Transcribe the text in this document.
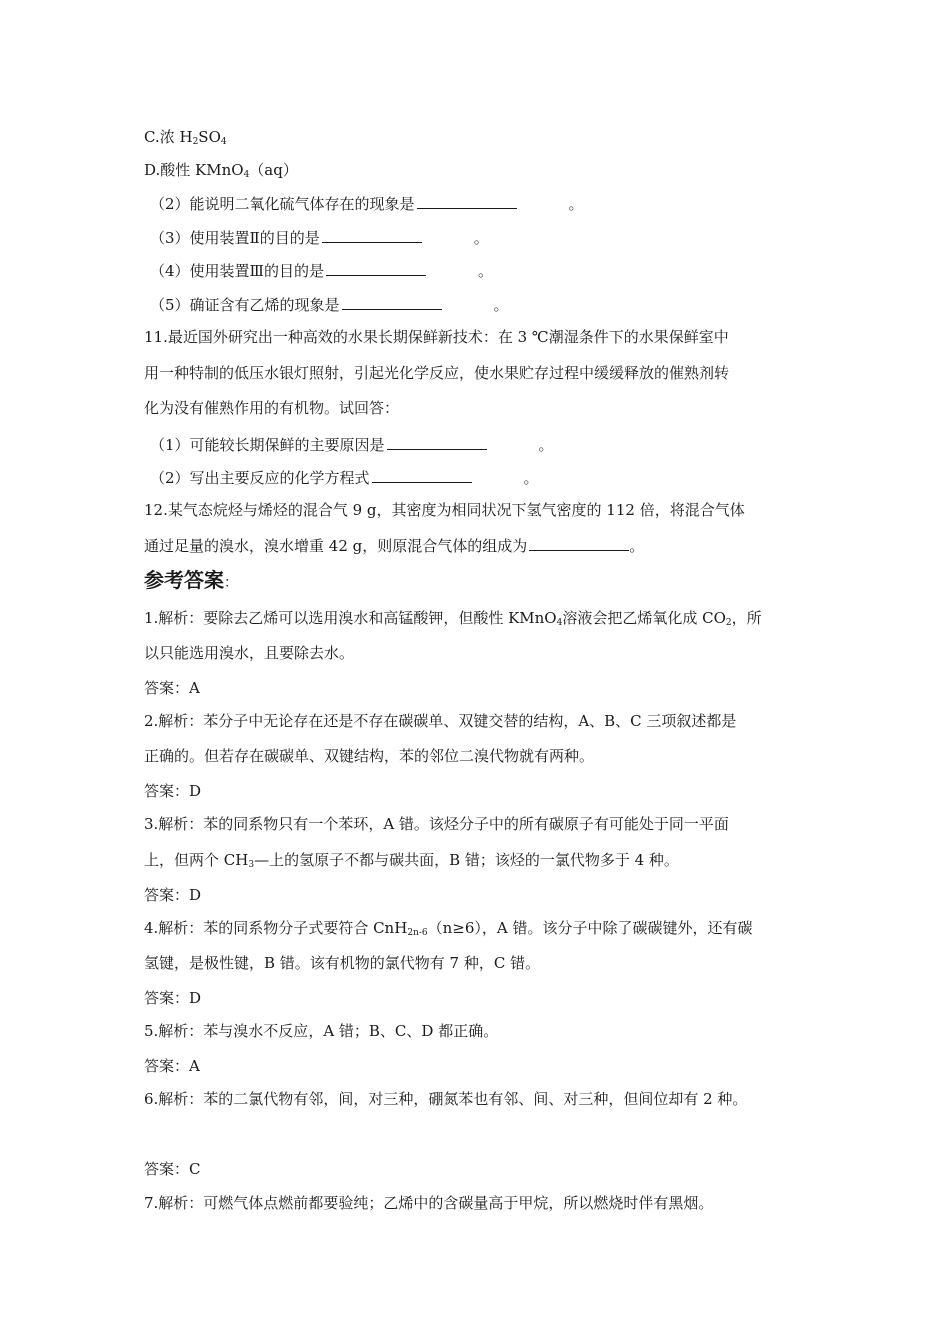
C.浓 $H_2SO_4$
D.酸性 KMnO$_4$（aq）
（2）能说明二氧化硫气体存在的现象是	。
（3）使用装置Ⅱ的目的是	。
（4）使用装置Ⅲ的目的是	。
（5）确证含有乙烯的现象是	。
11.最近国外研究出一种高效的水果长期保鲜新技术：在 3 ℃潮湿条件下的水果保鲜室中
用一种特制的低压水银灯照射，引起光化学反应，使水果贮存过程中缓缓释放的催熟剂转
化为没有催熟作用的有机物。试回答：
（1）可能较长期保鲜的主要原因是	。
（2）写出主要反应的化学方程式	。
12.某气态烷烃与烯烃的混合气 9 g，其密度为相同状况下氢气密度的 112 倍，将混合气体
通过足量的溴水，溴水增重 42 g，则原混合气体的组成为	。
参考答案：
1.解析：要除去乙烯可以选用溴水和高锰酸钾，但酸性 KMnO$_4$溶液会把乙烯氧化成 $CO_2$，所
以只能选用溴水，且要除去水。
答案：A
2.解析：苯分子中无论存在还是不存在碳碳单、双键交替的结构，A、B、C 三项叙述都是
正确的。但若存在碳碳单、双键结构，苯的邻位二溴代物就有两种。
答案：D
3.解析：苯的同系物只有一个苯环，A 错。该烃分子中的所有碳原子有可能处于同一平面
上，但两个 $CH_3—$上的氢原子不都与碳共面，B 错；该烃的一氯代物多于 4 种。
答案：D
4.解析：苯的同系物分子式要符合 CnH$_{2n-6}$（n≥6），A 错。该分子中除了碳碳键外，还有碳
氢键，是极性键，B 错。该有机物的氯代物有 7 种，C 错。
答案：D
5.解析：苯与溴水不反应，A 错；B、C、D 都正确。
答案：A
6.解析：苯的二氯代物有邻，间，对三种，硼氮苯也有邻、间、对三种，但间位却有 2 种。
答案：C
7.解析：可燃气体点燃前都要验纯；乙烯中的含碳量高于甲烷，所以燃烧时伴有黑烟。
